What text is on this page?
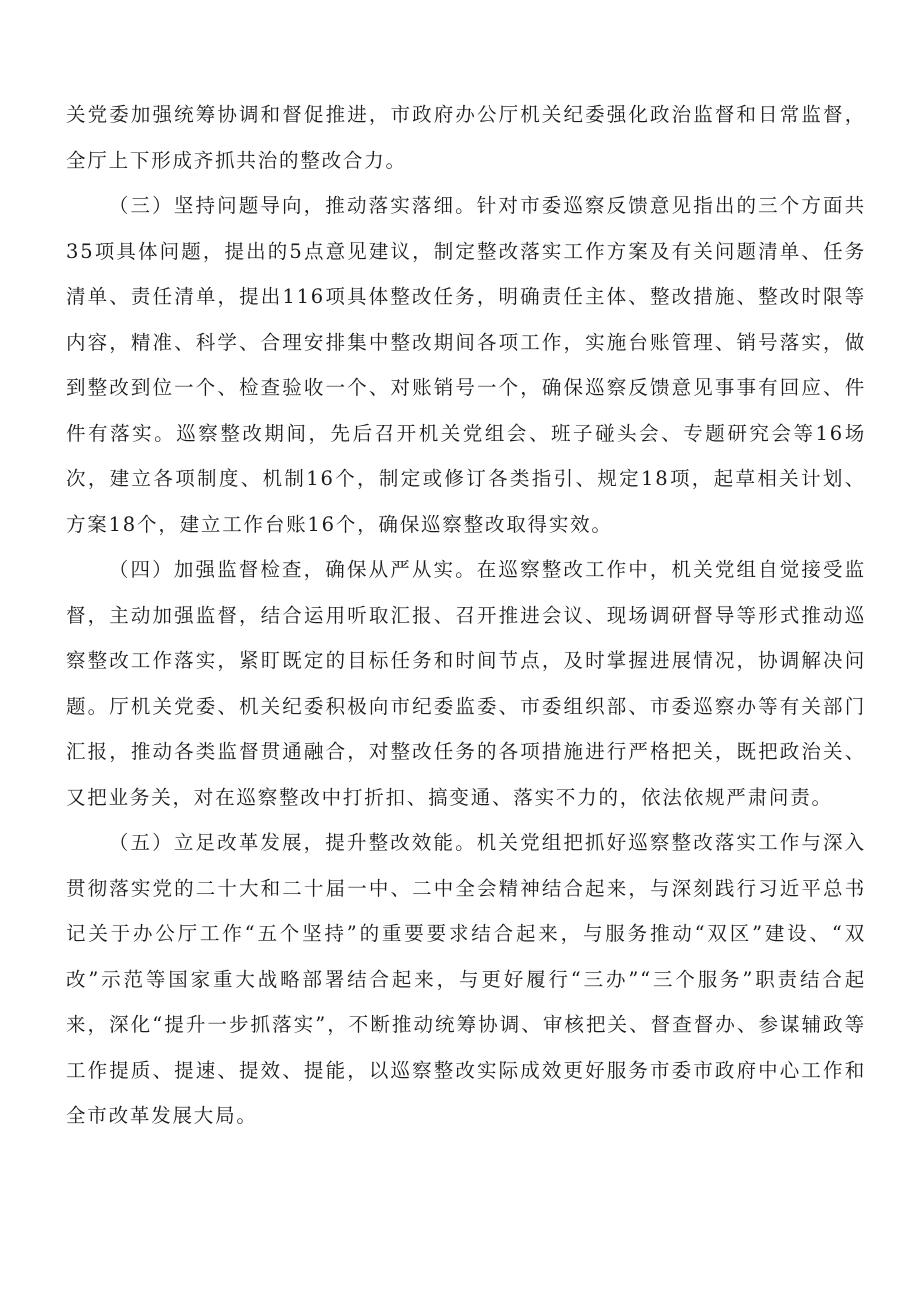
关党委加强统筹协调和督促推进，市政府办公厅机关纪委强化政治监督和日常监督，全厅上下形成齐抓共治的整改合力。

（三）坚持问题导向，推动落实落细。针对市委巡察反馈意见指出的三个方面共35项具体问题，提出的5点意见建议，制定整改落实工作方案及有关问题清单、任务清单、责任清单，提出116项具体整改任务，明确责任主体、整改措施、整改时限等内容，精准、科学、合理安排集中整改期间各项工作，实施台账管理、销号落实，做到整改到位一个、检查验收一个、对账销号一个，确保巡察反馈意见事事有回应、件件有落实。巡察整改期间，先后召开机关党组会、班子碰头会、专题研究会等16场次，建立各项制度、机制16个，制定或修订各类指引、规定18项，起草相关计划、方案18个，建立工作台账16个，确保巡察整改取得实效。

（四）加强监督检查，确保从严从实。在巡察整改工作中，机关党组自觉接受监督，主动加强监督，结合运用听取汇报、召开推进会议、现场调研督导等形式推动巡察整改工作落实，紧盯既定的目标任务和时间节点，及时掌握进展情况，协调解决问题。厅机关党委、机关纪委积极向市纪委监委、市委组织部、市委巡察办等有关部门汇报，推动各类监督贯通融合，对整改任务的各项措施进行严格把关，既把政治关、又把业务关，对在巡察整改中打折扣、搞变通、落实不力的，依法依规严肃问责。

（五）立足改革发展，提升整改效能。机关党组把抓好巡察整改落实工作与深入贯彻落实党的二十大和二十届一中、二中全会精神结合起来，与深刻践行习近平总书记关于办公厅工作“五个坚持”的重要要求结合起来，与服务推动“双区”建设、“双改”示范等国家重大战略部署结合起来，与更好履行“三办”“三个服务”职责结合起来，深化“提升一步抓落实”，不断推动统筹协调、审核把关、督查督办、参谋辅政等工作提质、提速、提效、提能，以巡察整改实际成效更好服务市委市政府中心工作和全市改革发展大局。
